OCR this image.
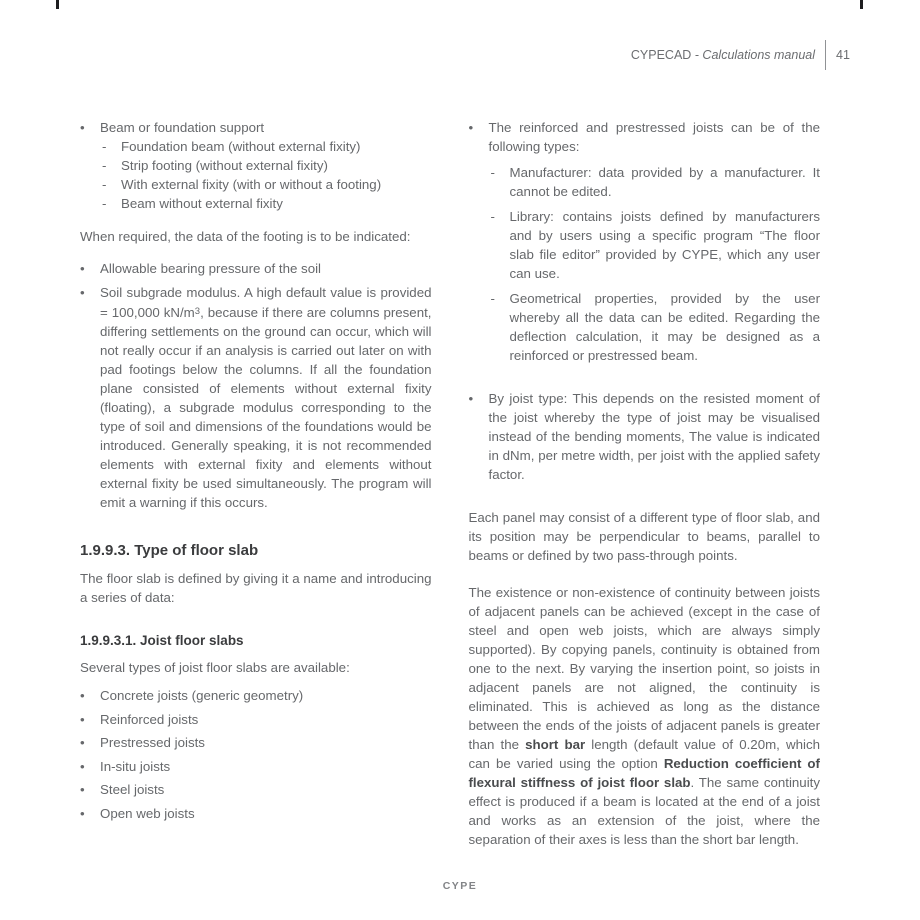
CYPECAD - Calculations manual 41
•	Beam or foundation support
-	Foundation beam (without external fixity)
-	Strip footing (without external fixity)
-	With external fixity (with or without a footing)
-	Beam without external fixity

When required, the data of the footing is to be indicated:

•	Allowable bearing pressure of the soil
•	Soil subgrade modulus. A high default value is provided = 100,000 $kN/m^3$, because if there are columns present, differing settlements on the ground can occur, which will not really occur if an analysis is carried out later on with pad footings below the columns. If all the foundation plane consisted of elements without external fixity (floating), a subgrade modulus corresponding to the type of soil and dimensions of the foundations would be introduced. Generally speaking, it is not recommended elements with external fixity and elements without external fixity be used simultaneously. The program will emit a warning if this occurs.
1.9.9.3. Type of floor slab

The floor slab is defined by giving it a name and introducing a series of data:

1.9.9.3.1. Joist floor slabs

Several types of joist floor slabs are available:

•	Concrete joists (generic geometry)
•	Reinforced joists
•	Prestressed joists
•	In-situ joists
•	Steel joists
•	Open web joists
•	The reinforced and prestressed joists can be of the following types:
-	Manufacturer: data provided by a manufacturer. It cannot be edited.
-	Library: contains joists defined by manufacturers and by users using a specific program “The floor slab file editor” provided by CYPE, which any user can use.
-	Geometrical properties, provided by the user whereby all the data can be edited. Regarding the deflection calculation, it may be designed as a reinforced or prestressed beam.
•	By joist type: This depends on the resisted moment of the joist whereby the type of joist may be visualised instead of the bending moments, The value is indicated in dNm, per metre width, per joist with the applied safety factor.

Each panel may consist of a different type of floor slab, and its position may be perpendicular to beams, parallel to beams or defined by two pass-through points.

The existence or non-existence of continuity between joists of adjacent panels can be achieved (except in the case of steel and open web joists, which are always simply supported). By copying panels, continuity is obtained from one to the next. By varying the insertion point, so joists in adjacent panels are not aligned, the continuity is eliminated. This is achieved as long as the distance between the ends of the joists of adjacent panels is greater than the short bar length (default value of 0.20m, which can be varied using the option Reduction coefficient of flexural stiffness of joist floor slab. The same continuity effect is produced if a beam is located at the end of a joist and works as an extension of the joist, where the separation of their axes is less than the short bar length.

CYPE
